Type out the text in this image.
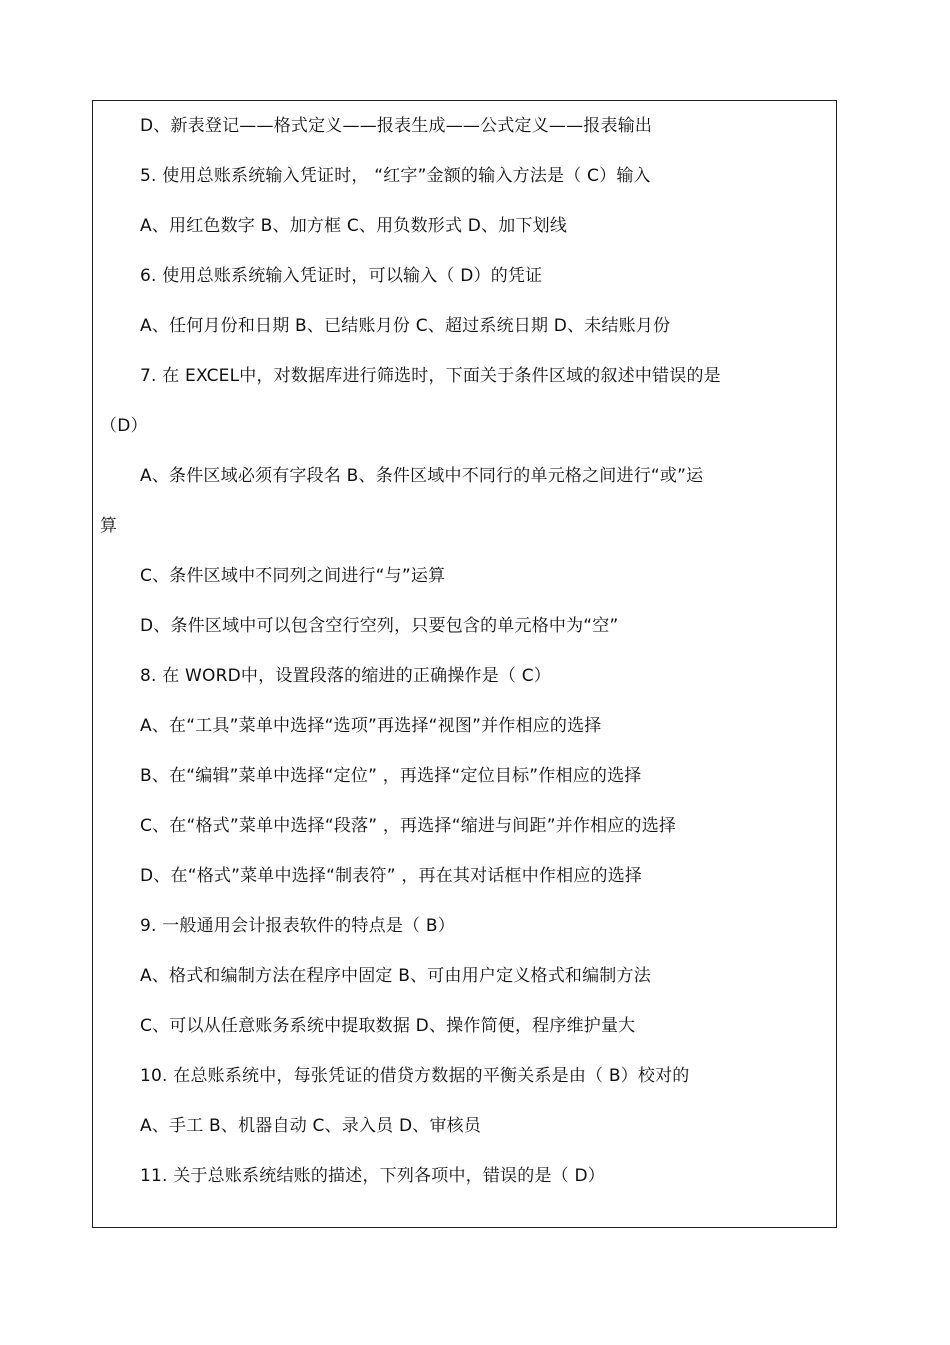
D、新表登记——格式定义——报表生成——公式定义——报表输出
5. 使用总账系统输入凭证时， “红字”金额的输入方法是（ C）输入
A、用红色数字 B、加方框 C、用负数形式 D、加下划线
6. 使用总账系统输入凭证时，可以输入（ D）的凭证
A、任何月份和日期 B、已结账月份 C、超过系统日期 D、未结账月份
7. 在 EXCEL中，对数据库进行筛选时，下面关于条件区域的叙述中错误的是
（D）
A、条件区域必须有字段名 B、条件区域中不同行的单元格之间进行“或”运
算
C、条件区域中不同列之间进行“与”运算
D、条件区域中可以包含空行空列，只要包含的单元格中为“空”
8. 在 WORD中，设置段落的缩进的正确操作是（ C）
A、在“工具”菜单中选择“选项”再选择“视图”并作相应的选择
B、在“编辑”菜单中选择“定位” ，再选择“定位目标”作相应的选择
C、在“格式”菜单中选择“段落” ，再选择“缩进与间距”并作相应的选择
D、在“格式”菜单中选择“制表符” ，再在其对话框中作相应的选择
9. 一般通用会计报表软件的特点是（ B）
A、格式和编制方法在程序中固定 B、可由用户定义格式和编制方法
C、可以从任意账务系统中提取数据 D、操作简便，程序维护量大
10. 在总账系统中，每张凭证的借贷方数据的平衡关系是由（ B）校对的
A、手工 B、机器自动 C、录入员 D、审核员
11. 关于总账系统结账的描述，下列各项中，错误的是（ D）
